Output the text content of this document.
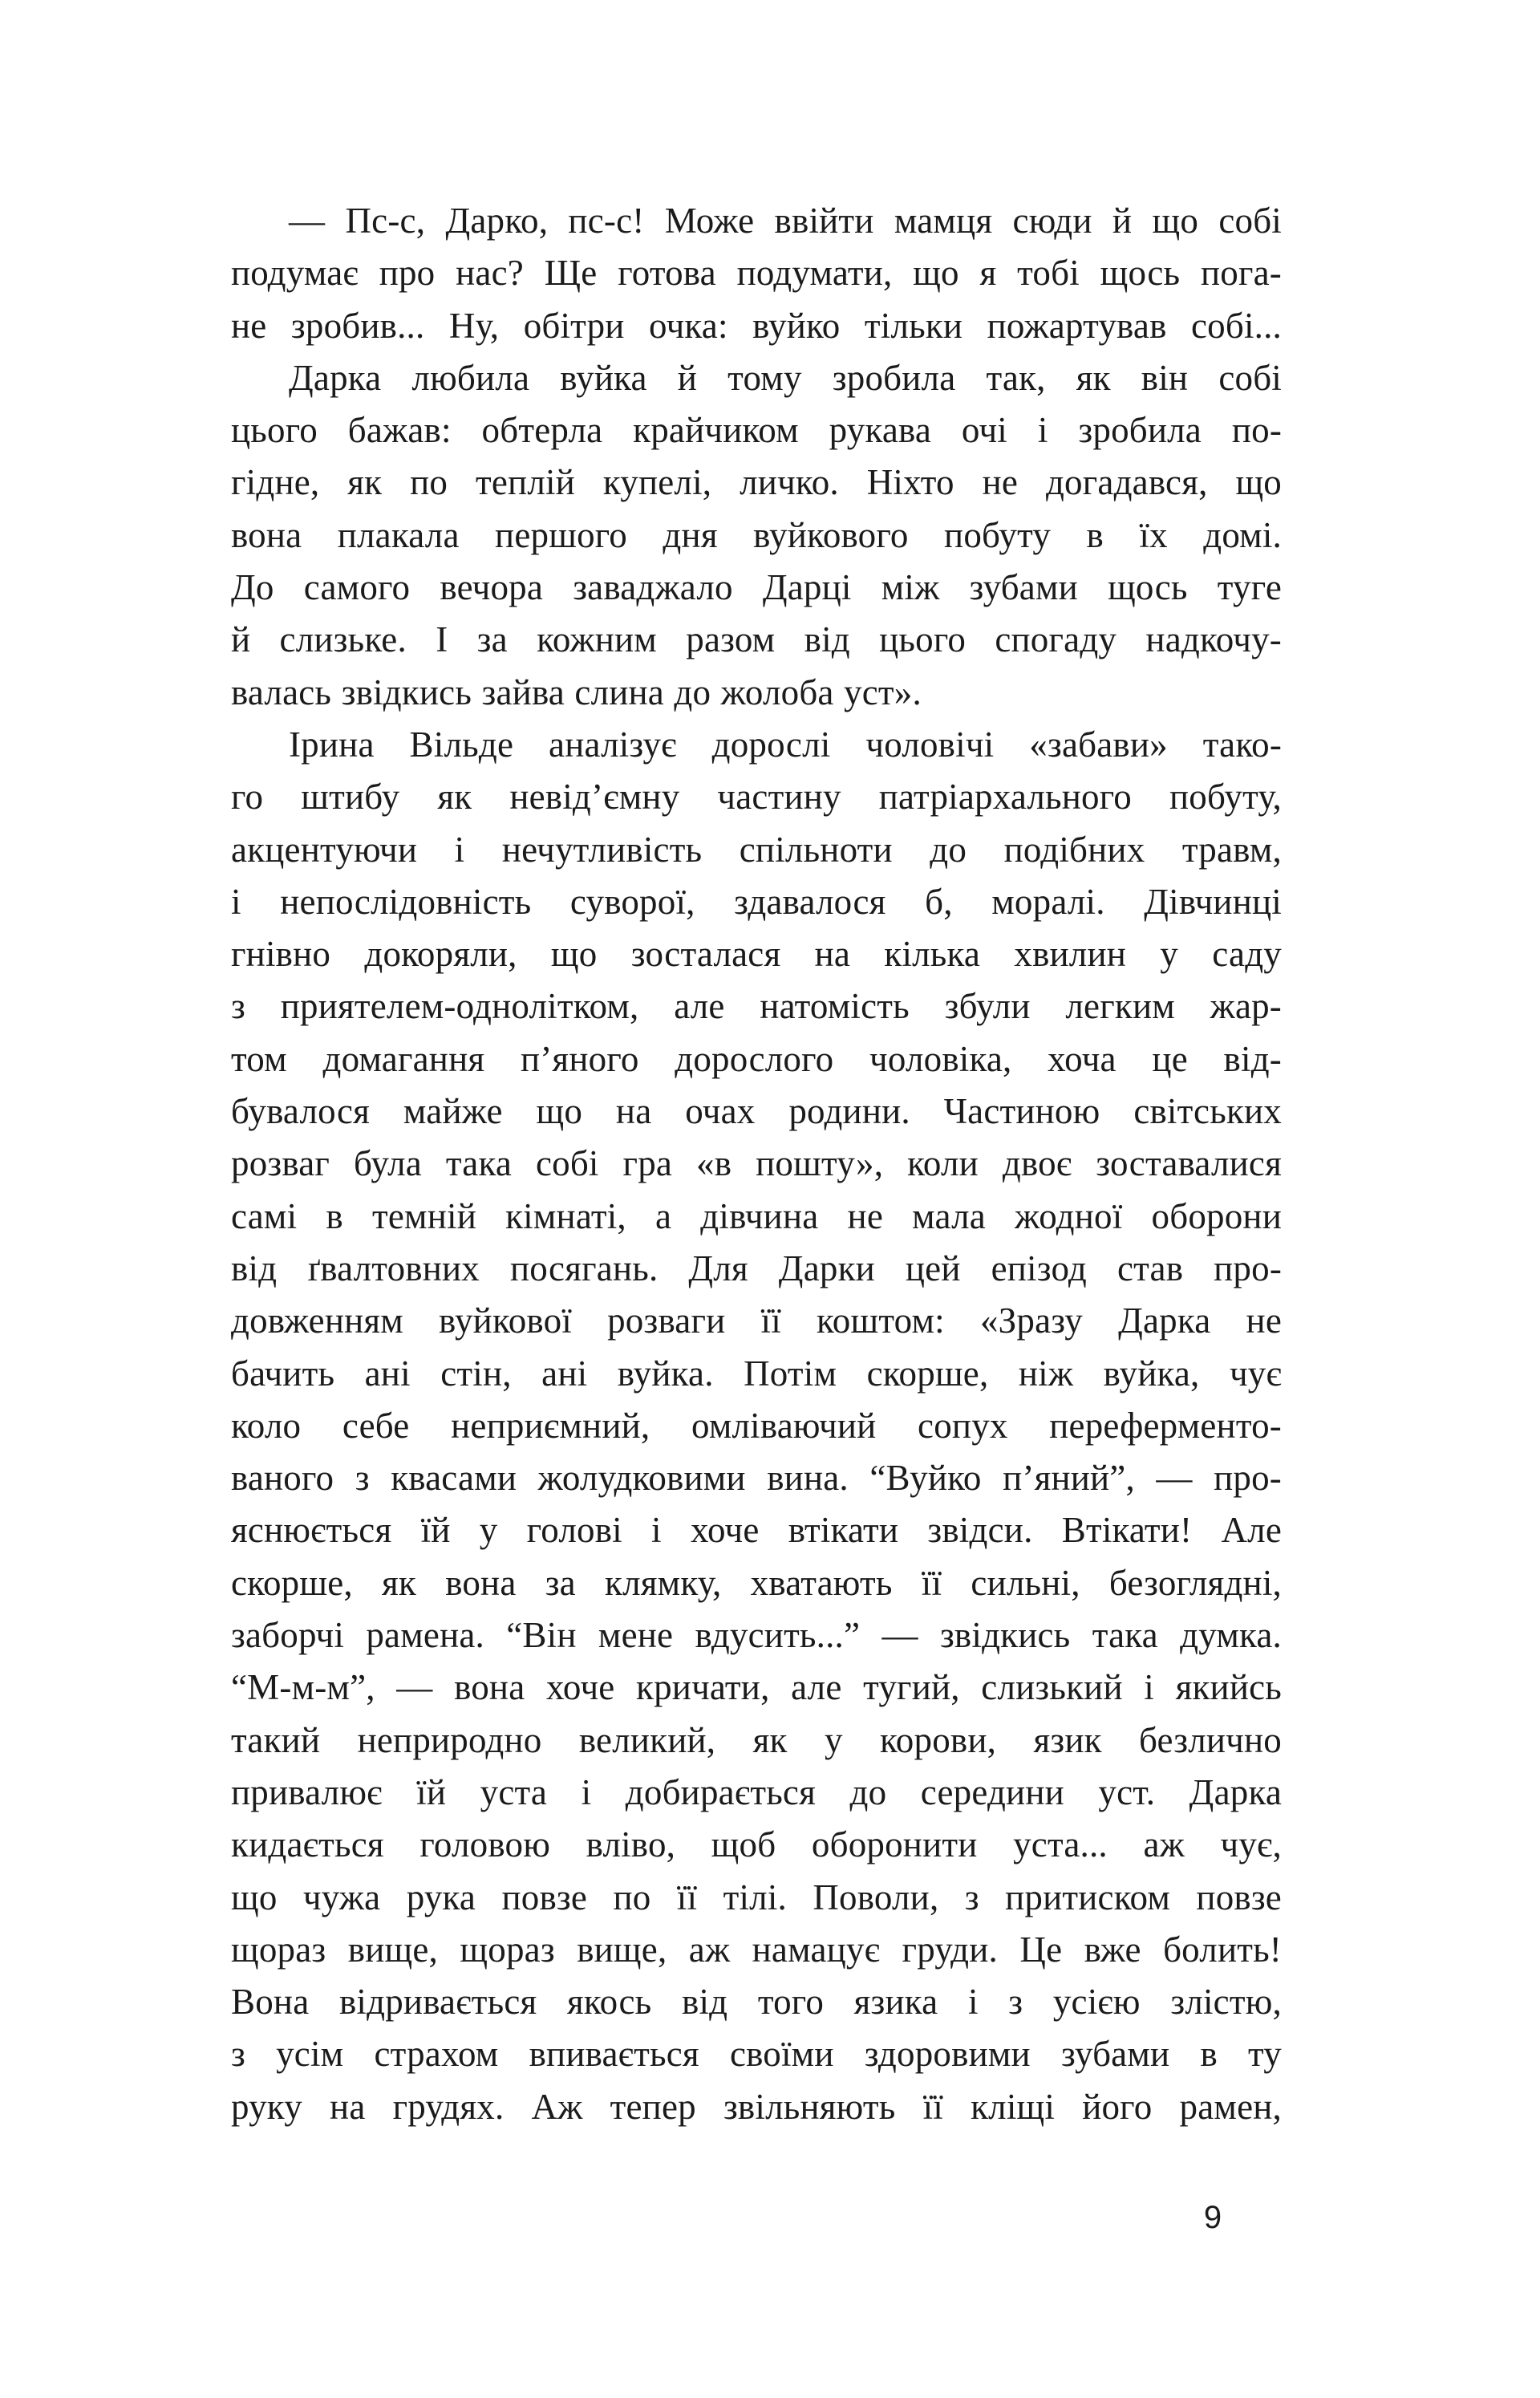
— Пс-с, Дарко, пс-с! Може ввійти мамця сюди й що собі
подумає про нас? Ще готова подумати, що я тобі щось пога-
не зробив... Ну, обітри очка: вуйко тільки пожартував собі...
Дарка любила вуйка й тому зробила так, як він собі
цього бажав: обтерла крайчиком рукава очі і зробила по-
гідне, як по теплій купелі, личко. Ніхто не догадався, що
вона плакала першого дня вуйкового побуту в їх домі.
До самого вечора заваджало Дарці між зубами щось туге
й слизьке. І за кожним разом від цього спогаду надкочу-
валась звідкись зайва слина до жолоба уст».
Ірина Вільде аналізує дорослі чоловічі «забави» тако-
го штибу як невід’ємну частину патріархального побуту,
акцентуючи і нечутливість спільноти до подібних травм,
і непослідовність суворої, здавалося б, моралі. Дівчинці
гнівно докоряли, що зосталася на кілька хвилин у саду
з приятелем-однолітком, але натомість збули легким жар-
том домагання п’яного дорослого чоловіка, хоча це від-
бувалося майже що на очах родини. Частиною світських
розваг була така собі гра «в пошту», коли двоє зоставалися
самі в темній кімнаті, а дівчина не мала жодної оборони
від ґвалтовних посягань. Для Дарки цей епізод став про-
довженням вуйкової розваги її коштом: «Зразу Дарка не
бачить ані стін, ані вуйка. Потім скорше, ніж вуйка, чує
коло себе неприємний, омліваючий сопух переферменто-
ваного з квасами жолудковими вина. “Вуйко п’яний”, — про-
яснюється їй у голові і хоче втікати звідси. Втікати! Але
скорше, як вона за клямку, хватають її сильні, безоглядні,
заборчі рамена. “Він мене вдусить...” — звідкись така думка.
“М-м-м”, — вона хоче кричати, але тугий, слизький і якийсь
такий неприродно великий, як у корови, язик безлично
привалює їй уста і добирається до середини уст. Дарка
кидається головою вліво, щоб оборонити уста... аж чує,
що чужа рука повзе по її тілі. Поволи, з притиском повзе
щораз вище, щораз вище, аж намацує груди. Це вже болить!
Вона відривається якось від того язика і з усією злістю,
з усім страхом впивається своїми здоровими зубами в ту
руку на грудях. Аж тепер звільняють її кліщі його рамен,
9
